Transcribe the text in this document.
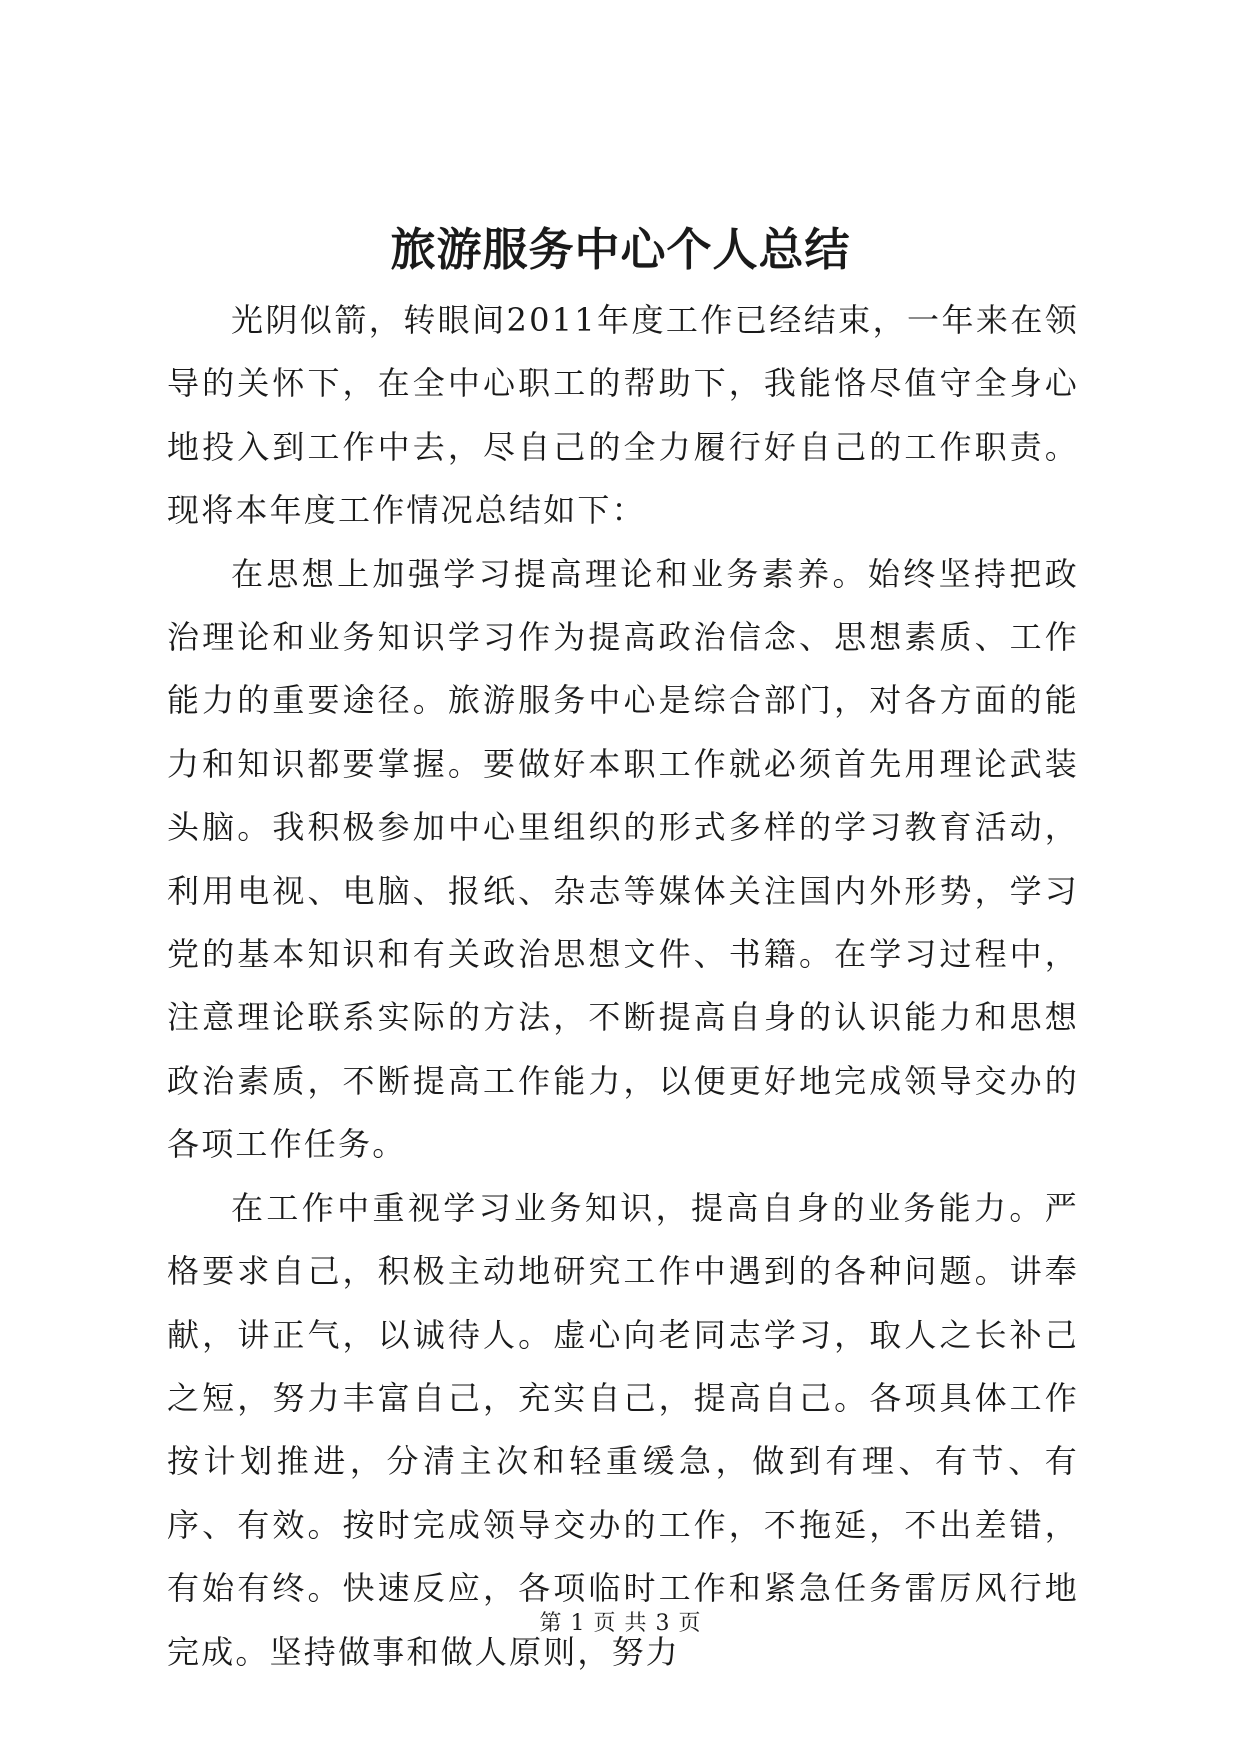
旅游服务中心个人总结

光阴似箭，转眼间2011年度工作已经结束，一年来在领导的关怀下，在全中心职工的帮助下，我能恪尽值守全身心地投入到工作中去，尽自己的全力履行好自己的工作职责。现将本年度工作情况总结如下：

在思想上加强学习提高理论和业务素养。始终坚持把政治理论和业务知识学习作为提高政治信念、思想素质、工作能力的重要途径。旅游服务中心是综合部门，对各方面的能力和知识都要掌握。要做好本职工作就必须首先用理论武装头脑。我积极参加中心里组织的形式多样的学习教育活动，利用电视、电脑、报纸、杂志等媒体关注国内外形势，学习党的基本知识和有关政治思想文件、书籍。在学习过程中，注意理论联系实际的方法，不断提高自身的认识能力和思想政治素质，不断提高工作能力，以便更好地完成领导交办的各项工作任务。

在工作中重视学习业务知识，提高自身的业务能力。严格要求自己，积极主动地研究工作中遇到的各种问题。讲奉献，讲正气，以诚待人。虚心向老同志学习，取人之长补己之短，努力丰富自己，充实自己，提高自己。各项具体工作按计划推进，分清主次和轻重缓急，做到有理、有节、有序、有效。按时完成领导交办的工作，不拖延，不出差错，有始有终。快速反应，各项临时工作和紧急任务雷厉风行地完成。坚持做事和做人原则，努力

第 1 页 共 3 页
